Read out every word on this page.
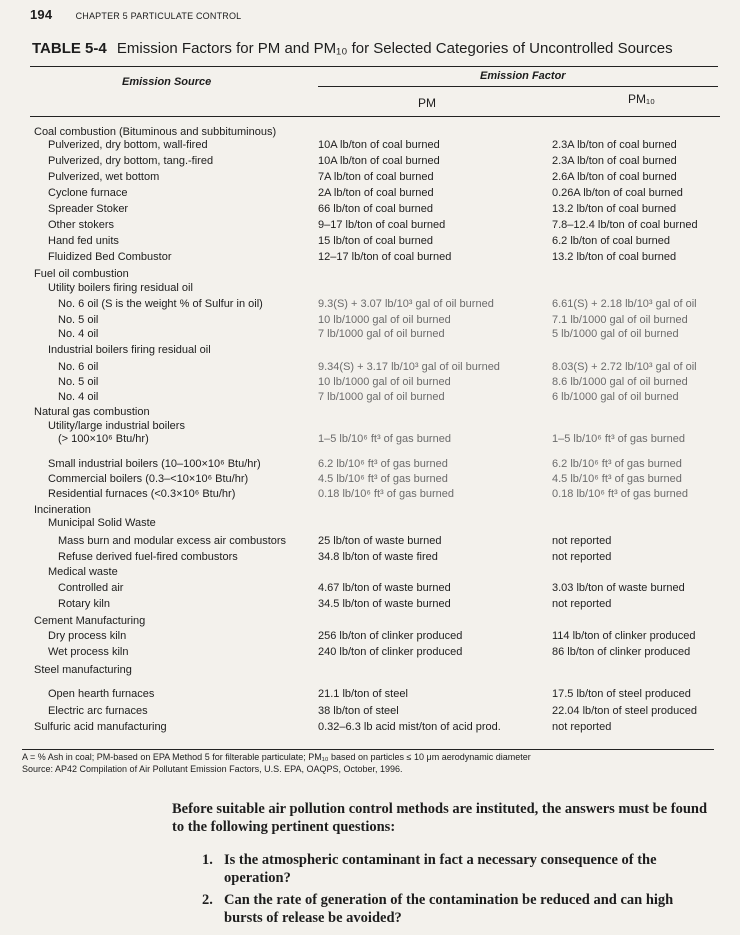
194	CHAPTER 5 PARTICULATE CONTROL
TABLE 5-4 Emission Factors for PM and PM₁₀ for Selected Categories of Uncontrolled Sources
Emission Source	Emission Factor
PM	PM₁₀
Coal combustion (Bituminous and subbituminous)
Pulverized, dry bottom, wall-fired	10A lb/ton of coal burned	2.3A lb/ton of coal burned
Pulverized, dry bottom, tang.-fired	10A lb/ton of coal burned	2.3A lb/ton of coal burned
Pulverized, wet bottom	7A lb/ton of coal burned	2.6A lb/ton of coal burned
Cyclone furnace	2A lb/ton of coal burned	0.26A lb/ton of coal burned
Spreader Stoker	66 lb/ton of coal burned	13.2 lb/ton of coal burned
Other stokers	9–17 lb/ton of coal burned	7.8–12.4 lb/ton of coal burned
Hand fed units	15 lb/ton of coal burned	6.2 lb/ton of coal burned
Fluidized Bed Combustor	12–17 lb/ton of coal burned	13.2 lb/ton of coal burned
Fuel oil combustion
Utility boilers firing residual oil
No. 6 oil (S is the weight % of Sulfur in oil)	9.3(S) + 3.07 lb/10³ gal of oil burned	6.61(S) + 2.18 lb/10³ gal of oil
No. 5 oil	10 lb/1000 gal of oil burned	7.1 lb/1000 gal of oil burned
No. 4 oil	7 lb/1000 gal of oil burned	5 lb/1000 gal of oil burned
Industrial boilers firing residual oil
No. 6 oil	9.34(S) + 3.17 lb/10³ gal of oil burned	8.03(S) + 2.72 lb/10³ gal of oil
No. 5 oil	10 lb/1000 gal of oil burned	8.6 lb/1000 gal of oil burned
No. 4 oil	7 lb/1000 gal of oil burned	6 lb/1000 gal of oil burned
Natural gas combustion
Utility/large industrial boilers
(> 100×10⁶ Btu/hr)	1–5 lb/10⁶ ft³ of gas burned	1–5 lb/10⁶ ft³ of gas burned
Small industrial boilers (10–100×10⁶ Btu/hr)	6.2 lb/10⁶ ft³ of gas burned	6.2 lb/10⁶ ft³ of gas burned
Commercial boilers (0.3–<10×10⁶ Btu/hr)	4.5 lb/10⁶ ft³ of gas burned	4.5 lb/10⁶ ft³ of gas burned
Residential furnaces (<0.3×10⁶ Btu/hr)	0.18 lb/10⁶ ft³ of gas burned	0.18 lb/10⁶ ft³ of gas burned
Incineration
Municipal Solid Waste
Mass burn and modular excess air combustors	25 lb/ton of waste burned	not reported
Refuse derived fuel-fired combustors	34.8 lb/ton of waste fired	not reported
Medical waste
Controlled air	4.67 lb/ton of waste burned	3.03 lb/ton of waste burned
Rotary kiln	34.5 lb/ton of waste burned	not reported
Cement Manufacturing
Dry process kiln	256 lb/ton of clinker produced	114 lb/ton of clinker produced
Wet process kiln	240 lb/ton of clinker produced	86 lb/ton of clinker produced
Steel manufacturing
Open hearth furnaces	21.1 lb/ton of steel	17.5 lb/ton of steel produced
Electric arc furnaces	38 lb/ton of steel	22.04 lb/ton of steel produced
Sulfuric acid manufacturing	0.32–6.3 lb acid mist/ton of acid prod.	not reported
A = % Ash in coal; PM-based on EPA Method 5 for filterable particulate; PM₁₀ based on particles ≤ 10 μm aerodynamic diameter
Source: AP42 Compilation of Air Pollutant Emission Factors, U.S. EPA, OAQPS, October, 1996.
Before suitable air pollution control methods are instituted, the answers must be found to the following pertinent questions:
1. Is the atmospheric contaminant in fact a necessary consequence of the
operation?
2. Can the rate of generation of the contamination be reduced and can high
bursts of release be avoided?
